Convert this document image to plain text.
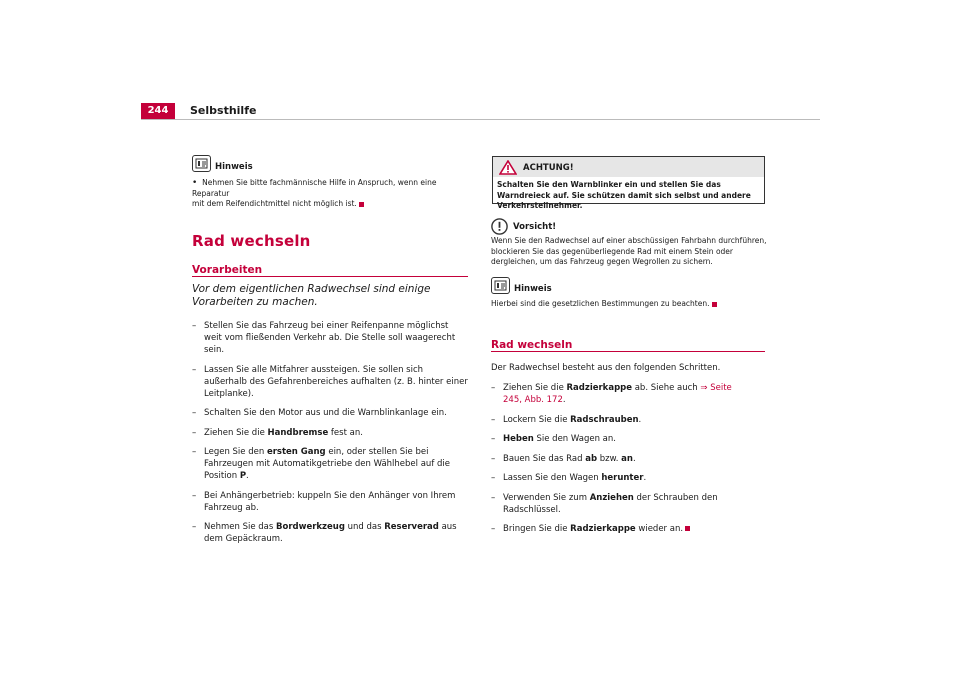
244	Selbsthilfe
Hinweis
• Nehmen Sie bitte fachmännische Hilfe in Anspruch, wenn eine Reparatur
mit dem Reifendichtmittel nicht möglich ist.
Rad wechseln
Vorarbeiten
Vor dem eigentlichen Radwechsel sind einige Vorarbeiten zu machen.
– Stellen Sie das Fahrzeug bei einer Reifenpanne möglichst weit vom fließenden Verkehr ab. Die Stelle soll waagerecht sein.
– Lassen Sie alle Mitfahrer aussteigen. Sie sollen sich außerhalb des Gefahrenbereiches aufhalten (z. B. hinter einer Leitplanke).
– Schalten Sie den Motor aus und die Warnblinkanlage ein.
– Ziehen Sie die Handbremse fest an.
– Legen Sie den ersten Gang ein, oder stellen Sie bei Fahrzeugen mit Automatikgetriebe den Wählhebel auf die Position P.
– Bei Anhängerbetrieb: kuppeln Sie den Anhänger von Ihrem Fahrzeug ab.
– Nehmen Sie das Bordwerkzeug und das Reserverad aus dem Gepäckraum.
ACHTUNG!
Schalten Sie den Warnblinker ein und stellen Sie das Warndreieck auf. Sie schützen damit sich selbst und andere Verkehrsteilnehmer.
Vorsicht!
Wenn Sie den Radwechsel auf einer abschüssigen Fahrbahn durchführen, blockieren Sie das gegenüberliegende Rad mit einem Stein oder dergleichen, um das Fahrzeug gegen Wegrollen zu sichern.
Hinweis
Hierbei sind die gesetzlichen Bestimmungen zu beachten.
Rad wechseln
Der Radwechsel besteht aus den folgenden Schritten.
– Ziehen Sie die Radzierkappe ab. Siehe auch ⇒ Seite 245, Abb. 172.
– Lockern Sie die Radschrauben.
– Heben Sie den Wagen an.
– Bauen Sie das Rad ab bzw. an.
– Lassen Sie den Wagen herunter.
– Verwenden Sie zum Anziehen der Schrauben den Radschlüssel.
– Bringen Sie die Radzierkappe wieder an.
